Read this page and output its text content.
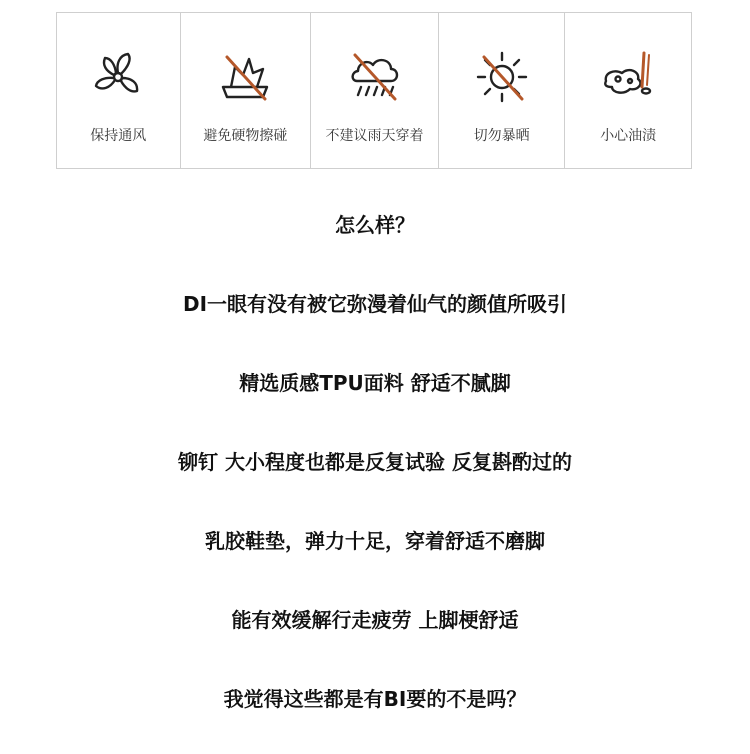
保持通风	避免硬物擦碰	不建议雨天穿着	切勿暴晒	小心油渍
怎么样？
DI一眼有没有被它弥漫着仙气的颜值所吸引
精选质感TPU面料 舒适不腻脚
铆钉 大小程度也都是反复试验 反复斟酌过的
乳胶鞋垫，弹力十足，穿着舒适不磨脚
能有效缓解行走疲劳 上脚梗舒适
我觉得这些都是有BI要的不是吗？
